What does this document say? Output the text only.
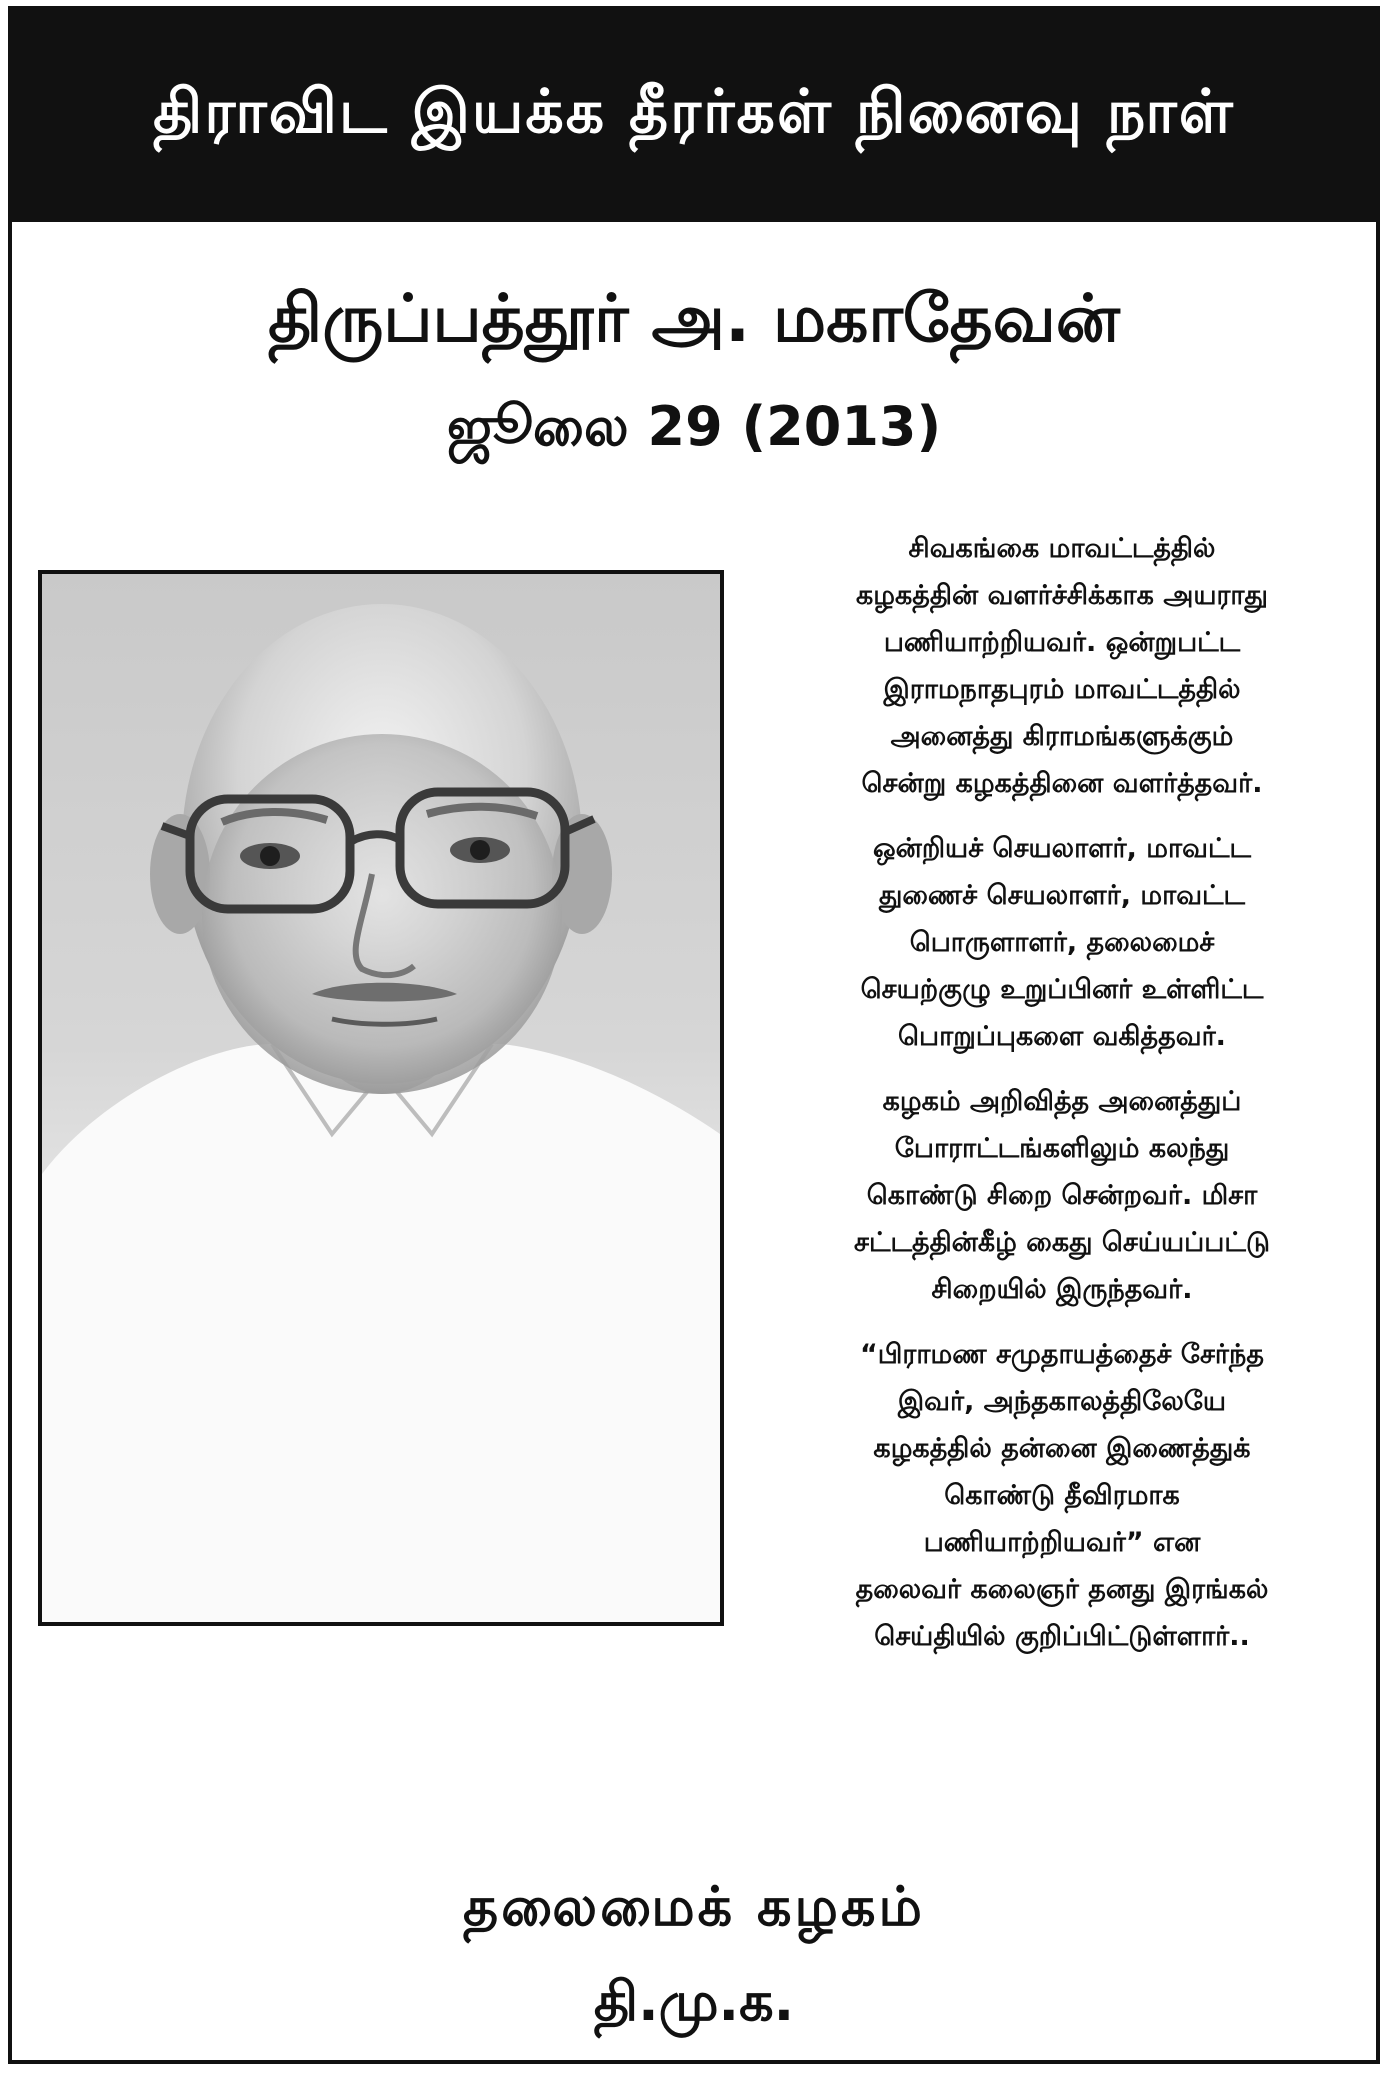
திராவிட இயக்க தீரர்கள் நினைவு நாள்
திருப்பத்தூர் அ. மகாதேவன்
ஜூலை 29 (2013)

சிவகங்கை மாவட்டத்தில்
கழகத்தின் வளர்ச்சிக்காக அயராது
பணியாற்றியவர். ஒன்றுபட்ட
இராமநாதபுரம் மாவட்டத்தில்
அனைத்து கிராமங்களுக்கும்
சென்று கழகத்தினை வளர்த்தவர்.

ஒன்றியச் செயலாளர், மாவட்ட
துணைச் செயலாளர், மாவட்ட
பொருளாளர், தலைமைச்
செயற்குழு உறுப்பினர் உள்ளிட்ட
பொறுப்புகளை வகித்தவர்.

கழகம் அறிவித்த அனைத்துப்
போராட்டங்களிலும் கலந்து
கொண்டு சிறை சென்றவர். மிசா
சட்டத்தின்கீழ் கைது செய்யப்பட்டு
சிறையில் இருந்தவர்.

“பிராமண சமுதாயத்தைச் சேர்ந்த
இவர், அந்தகாலத்திலேயே
கழகத்தில் தன்னை இணைத்துக்
கொண்டு தீவிரமாக
பணியாற்றியவர்” என
தலைவர் கலைஞர் தனது இரங்கல்
செய்தியில் குறிப்பிட்டுள்ளார்..

தலைமைக் கழகம்
தி.மு.க.
